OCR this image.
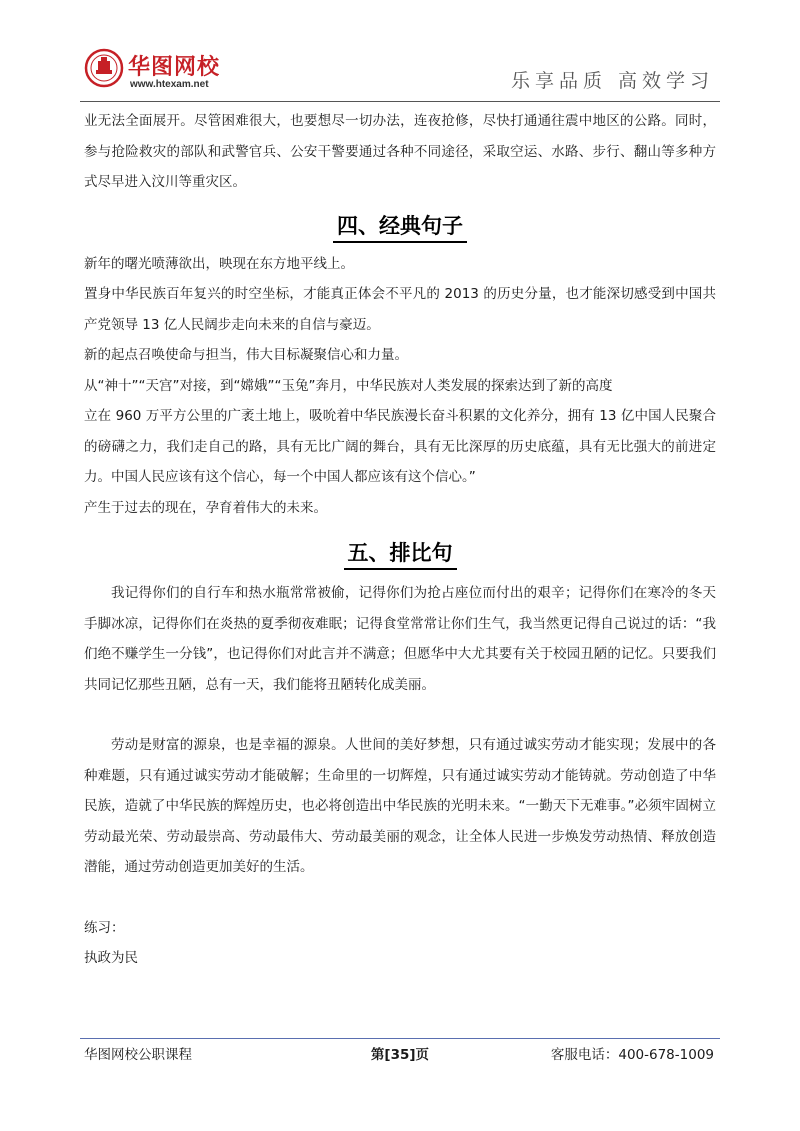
华图网校
www.htexam.net	乐享品质 高效学习

业无法全面展开。尽管困难很大，也要想尽一切办法，连夜抢修，尽快打通通往震中地区的公路。同时，参与抢险救灾的部队和武警官兵、公安干警要通过各种不同途径，采取空运、水路、步行、翻山等多种方式尽早进入汶川等重灾区。

四、经典句子

新年的曙光喷薄欲出，映现在东方地平线上。

置身中华民族百年复兴的时空坐标，才能真正体会不平凡的 2013 的历史分量，也才能深切感受到中国共产党领导 13 亿人民阔步走向未来的自信与豪迈。

新的起点召唤使命与担当，伟大目标凝聚信心和力量。

从“神十”“天宫”对接，到“嫦娥”“玉兔”奔月，中华民族对人类发展的探索达到了新的高度

立在 960 万平方公里的广袤土地上，吸吮着中华民族漫长奋斗积累的文化养分，拥有 13 亿中国人民聚合的磅礴之力，我们走自己的路，具有无比广阔的舞台，具有无比深厚的历史底蕴，具有无比强大的前进定力。中国人民应该有这个信心，每一个中国人都应该有这个信心。”

产生于过去的现在，孕育着伟大的未来。

五、排比句

我记得你们的自行车和热水瓶常常被偷，记得你们为抢占座位而付出的艰辛；记得你们在寒冷的冬天手脚冰凉，记得你们在炎热的夏季彻夜难眠；记得食堂常常让你们生气，我当然更记得自己说过的话：“我们绝不赚学生一分钱”，也记得你们对此言并不满意；但愿华中大尤其要有关于校园丑陋的记忆。只要我们共同记忆那些丑陋，总有一天，我们能将丑陋转化成美丽。

劳动是财富的源泉，也是幸福的源泉。人世间的美好梦想，只有通过诚实劳动才能实现；发展中的各种难题，只有通过诚实劳动才能破解；生命里的一切辉煌，只有通过诚实劳动才能铸就。劳动创造了中华民族，造就了中华民族的辉煌历史，也必将创造出中华民族的光明未来。“一勤天下无难事。”必须牢固树立劳动最光荣、劳动最崇高、劳动最伟大、劳动最美丽的观念，让全体人民进一步焕发劳动热情、释放创造潜能，通过劳动创造更加美好的生活。

练习：

执政为民

华图网校公职课程	第[35]页	客服电话：400-678-1009
